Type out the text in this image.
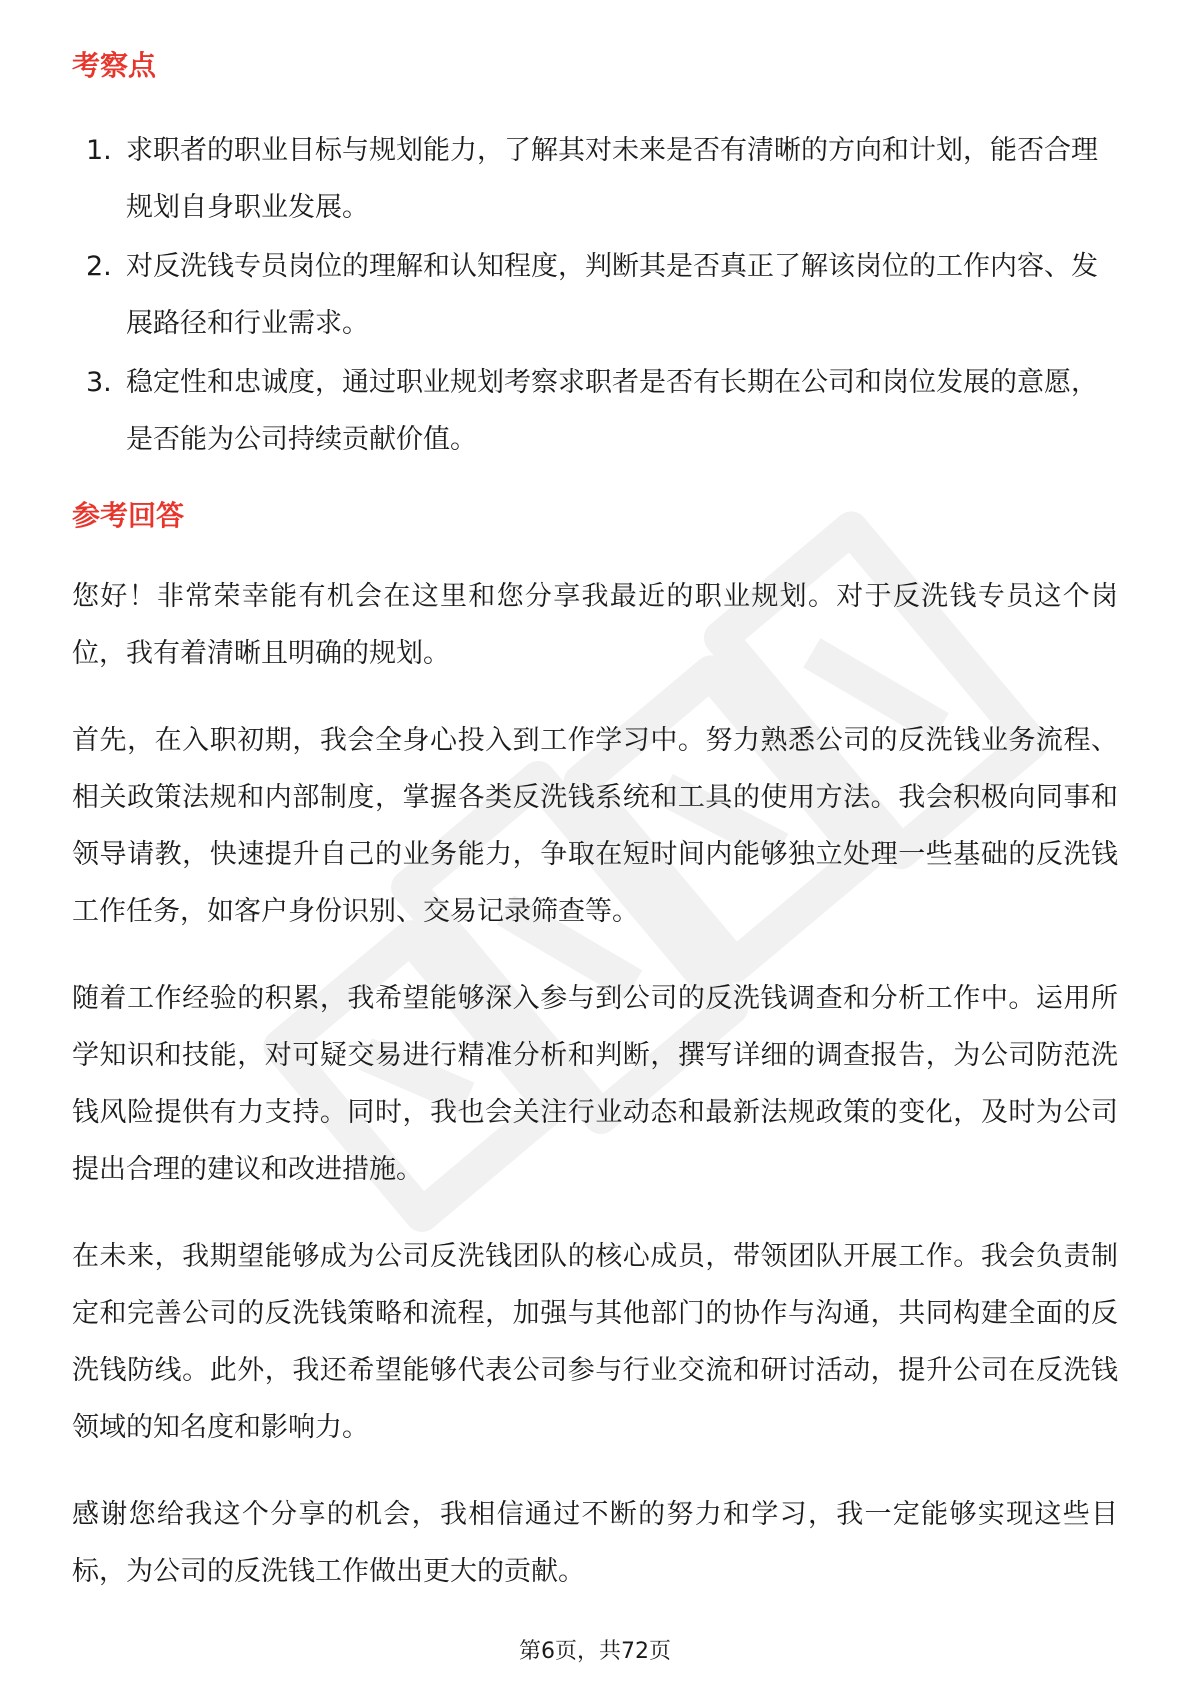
考察点
1. 求职者的职业目标与规划能力，了解其对未来是否有清晰的方向和计划，能否合理规划自身职业发展。
2. 对反洗钱专员岗位的理解和认知程度，判断其是否真正了解该岗位的工作内容、发展路径和行业需求。
3. 稳定性和忠诚度，通过职业规划考察求职者是否有长期在公司和岗位发展的意愿，是否能为公司持续贡献价值。
参考回答

您好！非常荣幸能有机会在这里和您分享我最近的职业规划。对于反洗钱专员这个岗位，我有着清晰且明确的规划。

首先，在入职初期，我会全身心投入到工作学习中。努力熟悉公司的反洗钱业务流程、相关政策法规和内部制度，掌握各类反洗钱系统和工具的使用方法。我会积极向同事和领导请教，快速提升自己的业务能力，争取在短时间内能够独立处理一些基础的反洗钱工作任务，如客户身份识别、交易记录筛查等。

随着工作经验的积累，我希望能够深入参与到公司的反洗钱调查和分析工作中。运用所学知识和技能，对可疑交易进行精准分析和判断，撰写详细的调查报告，为公司防范洗钱风险提供有力支持。同时，我也会关注行业动态和最新法规政策的变化，及时为公司提出合理的建议和改进措施。

在未来，我期望能够成为公司反洗钱团队的核心成员，带领团队开展工作。我会负责制定和完善公司的反洗钱策略和流程，加强与其他部门的协作与沟通，共同构建全面的反洗钱防线。此外，我还希望能够代表公司参与行业交流和研讨活动，提升公司在反洗钱领域的知名度和影响力。

感谢您给我这个分享的机会，我相信通过不断的努力和学习，我一定能够实现这些目标，为公司的反洗钱工作做出更大的贡献。

第6页，共72页
